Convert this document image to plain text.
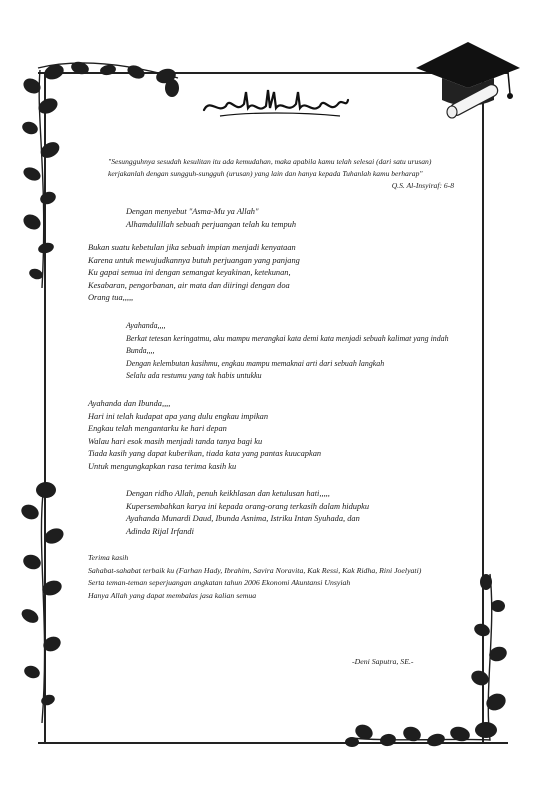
"Sesungguhnya sesudah kesulitan itu ada kemudahan, maka apabila kamu telah selesai (dari satu urusan)

kerjakanlah dengan sungguh-sungguh (urusan) yang lain dan hanya kepada Tuhanlah kamu berharap"

Q.S. Al-Insyiraf: 6-8

Dengan menyebut "Asma-Mu ya Allah"

Alhamdulillah sebuah perjuangan telah ku tempuh

Bukan suatu kebetulan jika sebuah impian menjadi kenyataan

Karena untuk mewujudkannya butuh perjuangan yang panjang

Ku gapai semua ini dengan semangat keyakinan, ketekunan,

Kesabaran, pengorbanan, air mata dan diiringi dengan doa

Orang tua,,,,,

Ayahanda,,,,

Berkat tetesan keringatmu, aku mampu merangkai kata demi kata menjadi sebuah kalimat yang indah

Bunda,,,,

Dengan kelembutan kasihmu, engkau mampu memaknai arti dari sebuah langkah

Selalu ada restumu yang tak habis untukku

Ayahanda dan Ibunda,,,,

Hari ini telah kudapat apa yang dulu engkau impikan

Engkau telah mengantarku ke hari depan

Walau hari esok masih menjadi tanda tanya bagi ku

Tiada kasih yang dapat kuberikan, tiada kata yang pantas kuucapkan

Untuk mengungkapkan rasa terima kasih ku

Dengan ridho Allah, penuh keikhlasan dan ketulusan hati,,,,,

Kupersembahkan karya ini kepada orang-orang terkasih dalam hidupku

Ayahanda Munardi Daud, Ibunda Asnima, Istriku Intan Syuhada, dan

Adinda Rijal Irfandi

Terima kasih

Sahabat-sahabat terbaik ku (Farhan Hady, Ibrahim, Savira Noravita, Kak Ressi, Kak Ridha, Rini Joelyati)

Serta teman-teman seperjuangan angkatan tahun 2006 Ekonomi Akuntansi Unsyiah

Hanya Allah yang dapat membalas jasa kalian semua

-Deni Saputra, SE.-
